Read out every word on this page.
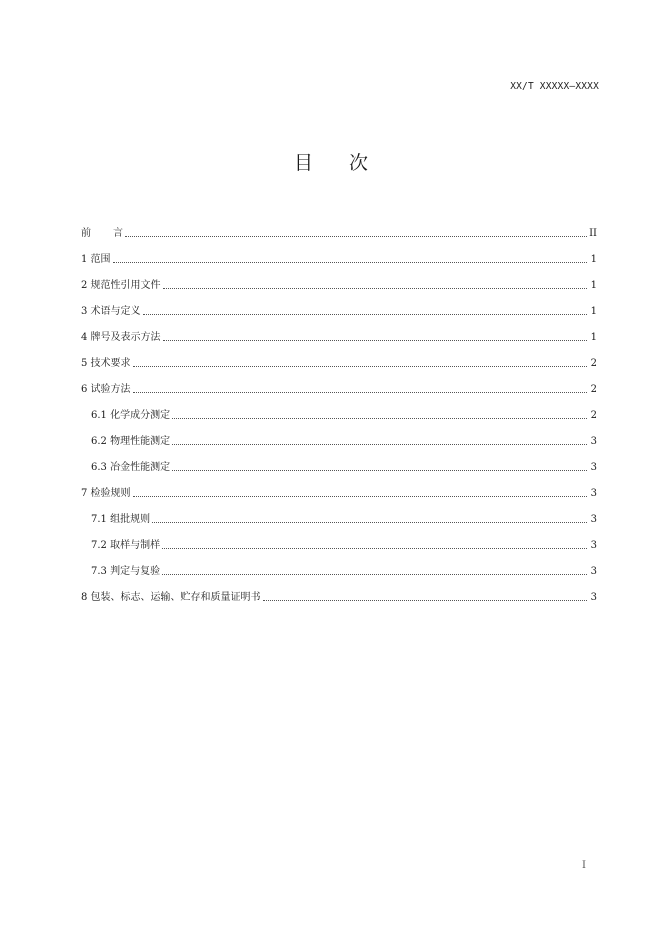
XX/T XXXXX—XXXX
目 次
前 言	II
1 范围	1
2 规范性引用文件	1
3 术语与定义	1
4 牌号及表示方法	1
5 技术要求	2
6 试验方法	2
6.1 化学成分测定	2
6.2 物理性能测定	3
6.3 冶金性能测定	3
7 检验规则	3
7.1 组批规则	3
7.2 取样与制样	3
7.3 判定与复验	3
8 包装、标志、运输、贮存和质量证明书	3
I
